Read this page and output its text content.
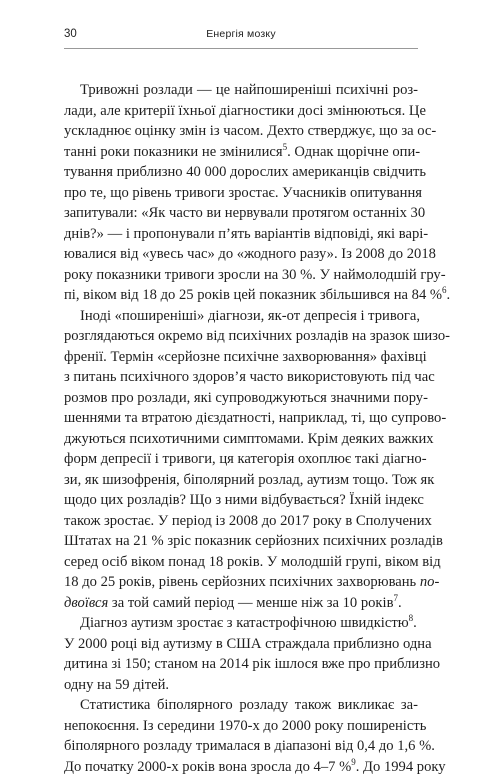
30	Енергія мозку
Тривожні розлади — це найпоширеніші психічні роз-
лади, але критерії їхньої діагностики досі змінюються. Це
ускладнює оцінку змін із часом. Дехто стверджує, що за ос-
танні роки показники не змінилися$^5$. Однак щорічне опи-
тування приблизно 40 000 дорослих американців свідчить
про те, що рівень тривоги зростає. Учасників опитування
запитували: «Як часто ви нервували протягом останніх 30
днів?» — і пропонували п’ять варіантів відповіді, які варі-
ювалися від «увесь час» до «жодного разу». Із 2008 до 2018
року показники тривоги зросли на 30 %. У наймолодшій гру-
пі, віком від 18 до 25 років цей показник збільшився на 84 %$^6$.
Іноді «поширеніші» діагнози, як-от депресія і тривога,
розглядаються окремо від психічних розладів на зразок шизо-
френії. Термін «серйозне психічне захворювання» фахівці
з питань психічного здоров’я часто використовують під час
розмов про розлади, які супроводжуються значними пору-
шеннями та втратою дієздатності, наприклад, ті, що супрово-
джуються психотичними симптомами. Крім деяких важких
форм депресії і тривоги, ця категорія охоплює такі діагно-
зи, як шизофренія, біполярний розлад, аутизм тощо. Тож як
щодо цих розладів? Що з ними відбувається? Їхній індекс
також зростає. У період із 2008 до 2017 року в Сполучених
Штатах на 21 % зріс показник серйозних психічних розладів
серед осіб віком понад 18 років. У молодшій групі, віком від
18 до 25 років, рівень серйозних психічних захворювань по-
двоївся за той самий період — менше ніж за 10 років$^7$.
Діагноз аутизм зростає з катастрофічною швидкістю$^8$.
У 2000 році від аутизму в США страждала приблизно одна
дитина зі 150; станом на 2014 рік ішлося вже про приблизно
одну на 59 дітей.
Статистика біполярного розладу також викликає за-
непокоєння. Із середини 1970-х до 2000 року поширеність
біполярного розладу трималася в діапазоні від 0,4 до 1,6 %.
До початку 2000-х років вона зросла до 4–7 %$^9$. До 1994 року
